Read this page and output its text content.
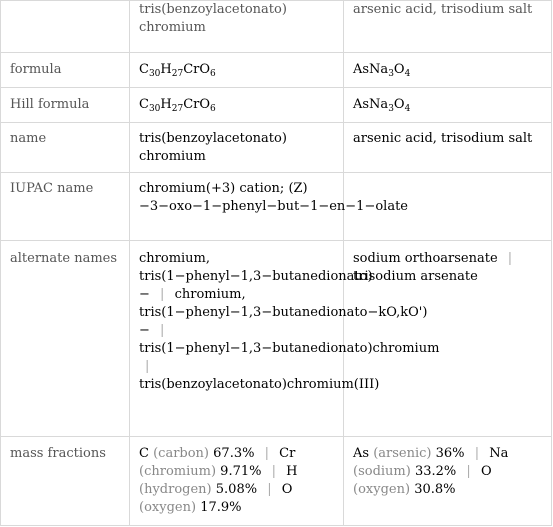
	tris(benzoylacetonato) chromium	arsenic acid, trisodium salt
formula	$C_{30}H_{27}CrO_6$	$AsNa_3O_4$
Hill formula	$C_{30}H_{27}CrO_6$	$AsNa_3O_4$
name	tris(benzoylacetonato) chromium	arsenic acid, trisodium salt
IUPAC name	chromium(+3) cation; (Z)−3−oxo−1−phenyl−but−1−en−1−olate	
alternate names	chromium, tris(1−phenyl−1,3−butanedionato)− | chromium, tris(1−phenyl−1,3−butanedionato−kO,kO')− | tris(1−phenyl−1,3−butanedionato)chromium | tris(benzoylacetonato)chromium(III)	sodium orthoarsenate | trisodium arsenate
mass fractions	C (carbon) 67.3% | Cr (chromium) 9.71% | H (hydrogen) 5.08% | O (oxygen) 17.9%	As (arsenic) 36% | Na (sodium) 33.2% | O (oxygen) 30.8%
